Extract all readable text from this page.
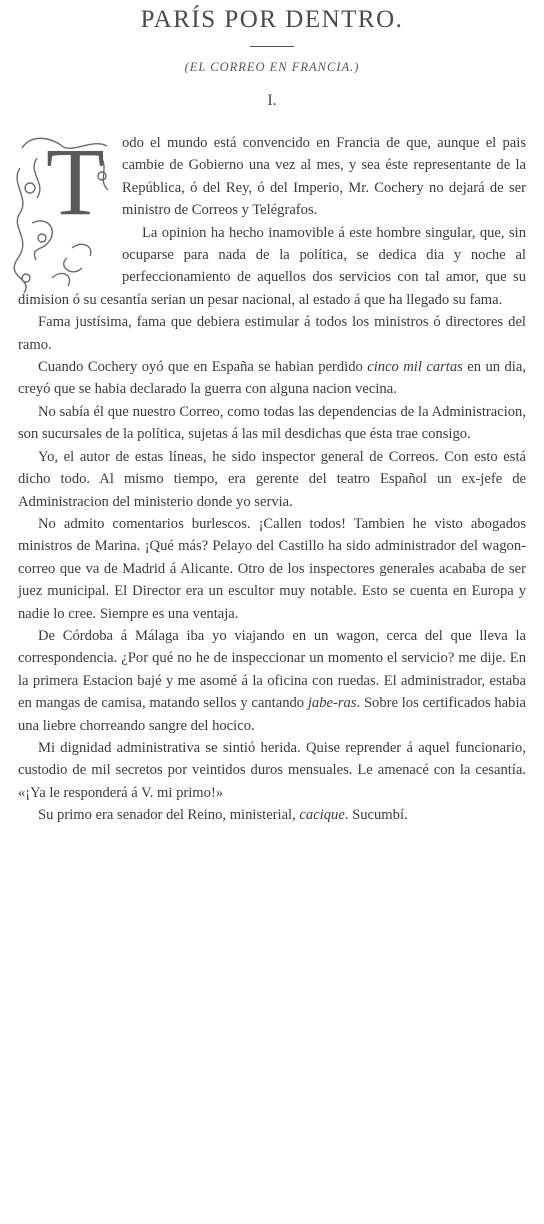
PARÍS POR DENTRO.
(EL CORREO EN FRANCIA.)
I.
T	odo el mundo está convencido en Francia de que, aunque el pais cambie de Gobierno una vez al mes, y sea éste representante de la República, ó del Rey, ó del Imperio, Mr. Cochery no dejará de ser ministro de Correos y Telégrafos.

La opinion ha hecho inamovible á este hombre singular, que, sin ocuparse para nada de la política, se dedica dia y noche al perfeccionamiento de aquellos dos servicios con tal amor, que su dimision ó su cesantía serian un pesar nacional, al estado á que ha llegado su fama.

Fama justísima, fama que debiera estimular á todos los ministros ó directores del ramo.

Cuando Cochery oyó que en España se habian perdido cinco mil cartas en un dia, creyó que se habia declarado la guerra con alguna nacion vecina.

No sabía él que nuestro Correo, como todas las dependencias de la Administracion, son sucursales de la política, sujetas á las mil desdichas que ésta trae consigo.

Yo, el autor de estas líneas, he sido inspector general de Correos. Con esto está dicho todo. Al mismo tiempo, era gerente del teatro Español un ex-jefe de Administracion del ministerio donde yo servia.

No admito comentarios burlescos. ¡Callen todos! Tambien he visto abogados ministros de Marina. ¡Qué más? Pelayo del Castillo ha sido administrador del wagon-correo que va de Madrid á Alicante. Otro de los inspectores generales acababa de ser juez municipal. El Director era un escultor muy notable. Esto se cuenta en Europa y nadie lo cree. Siempre es una ventaja.

De Córdoba á Málaga iba yo viajando en un wagon, cerca del que lleva la correspondencia. ¿Por qué no he de inspeccionar un momento el servicio? me dije. En la primera Estacion bajé y me asomé á la oficina con ruedas. El administrador, estaba en mangas de camisa, matando sellos y cantando jabe-ras. Sobre los certificados habia una liebre chorreando sangre del hocico.

Mi dignidad administrativa se sintió herida. Quise reprender á aquel funcionario, custodio de mil secretos por veintidos duros mensuales. Le amenacé con la cesantía. «¡Ya le responderá á V. mi primo!»

Su primo era senador del Reino, ministerial, cacique. Sucumbí.
